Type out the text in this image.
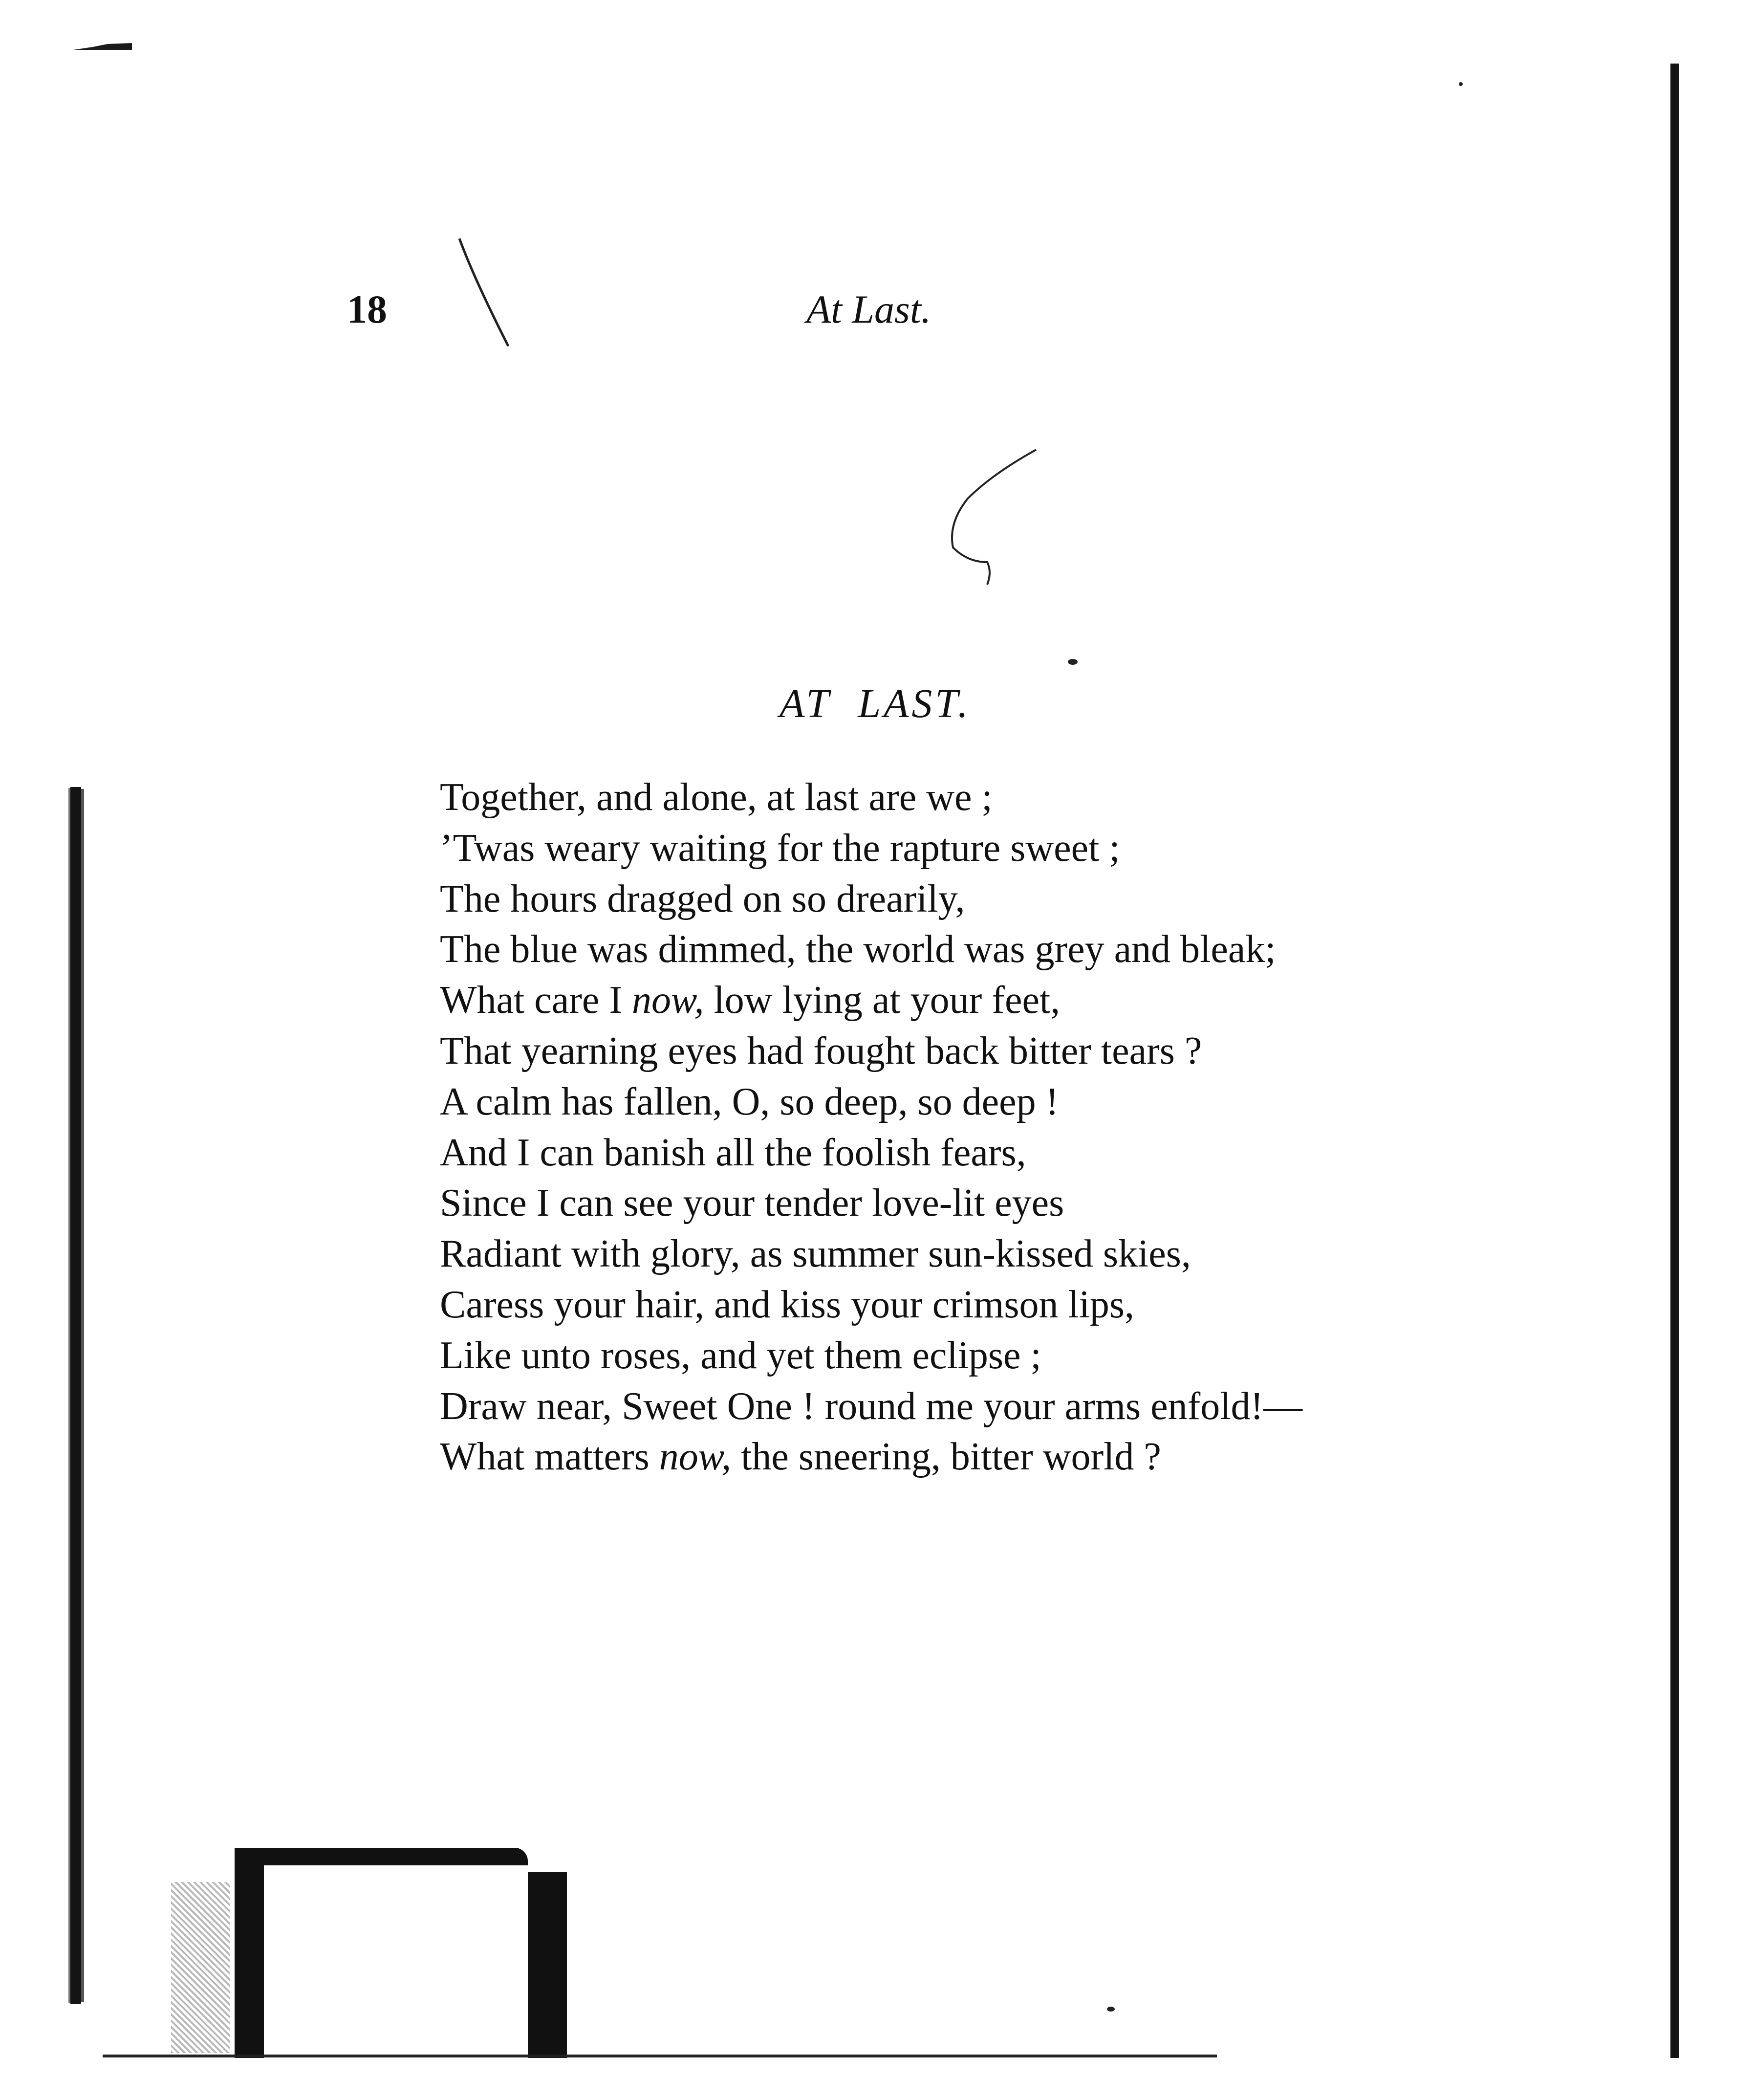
18	At Last.
AT LAST.
Together, and alone, at last are we ;
’Twas weary waiting for the rapture sweet ;
The hours dragged on so drearily,
The blue was dimmed, the world was grey and bleak;
What care I now, low lying at your feet,
That yearning eyes had fought back bitter tears ?
A calm has fallen, O, so deep, so deep !
And I can banish all the foolish fears,
Since I can see your tender love-lit eyes
Radiant with glory, as summer sun-kissed skies,
Caress your hair, and kiss your crimson lips,
Like unto roses, and yet them eclipse ;
Draw near, Sweet One ! round me your arms enfold!—
What matters now, the sneering, bitter world ?
